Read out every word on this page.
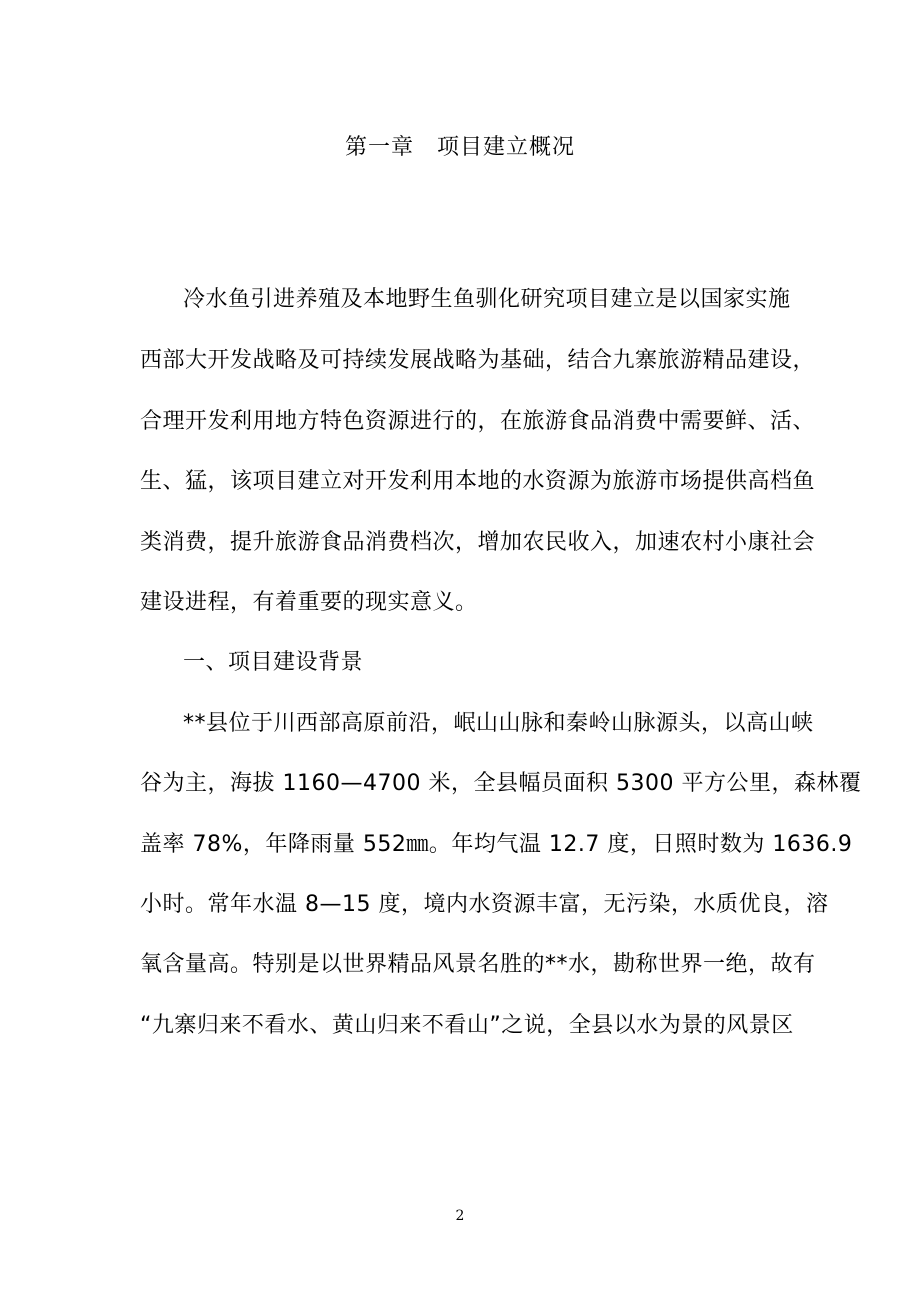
第一章　项目建立概况
冷水鱼引进养殖及本地野生鱼驯化研究项目建立是以国家实施
西部大开发战略及可持续发展战略为基础，结合九寨旅游精品建设，
合理开发利用地方特色资源进行的，在旅游食品消费中需要鲜、活、
生、猛，该项目建立对开发利用本地的水资源为旅游市场提供高档鱼
类消费，提升旅游食品消费档次，增加农民收入，加速农村小康社会
建设进程，有着重要的现实意义。
一、项目建设背景
**县位于川西部高原前沿，岷山山脉和秦岭山脉源头，以高山峡
谷为主，海拔 1160—4700 米，全县幅员面积 5300 平方公里，森林覆
盖率 78%，年降雨量 552㎜。年均气温 12.7 度，日照时数为 1636.9
小时。常年水温 8—15 度，境内水资源丰富，无污染，水质优良，溶
氧含量高。特别是以世界精品风景名胜的**水，勘称世界一绝，故有
“九寨归来不看水、黄山归来不看山”之说，全县以水为景的风景区
2
